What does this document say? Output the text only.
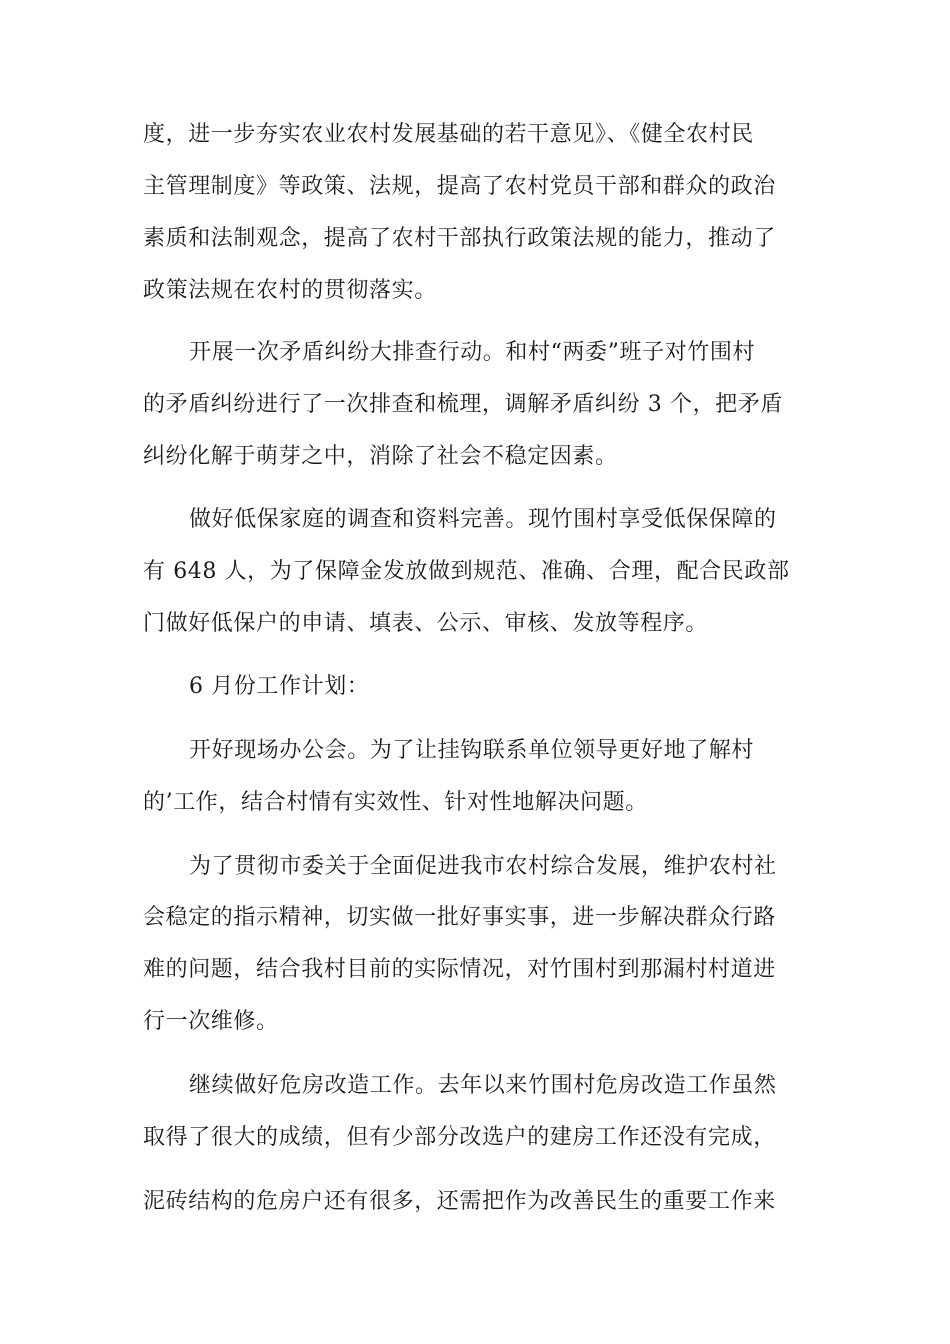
度，进一步夯实农业农村发展基础的若干意见》、《健全农村民
主管理制度》等政策、法规，提高了农村党员干部和群众的政治
素质和法制观念，提高了农村干部执行政策法规的能力，推动了
政策法规在农村的贯彻落实。
开展一次矛盾纠纷大排查行动。和村“两委”班子对竹围村
的矛盾纠纷进行了一次排查和梳理，调解矛盾纠纷 3 个，把矛盾
纠纷化解于萌芽之中，消除了社会不稳定因素。
做好低保家庭的调查和资料完善。现竹围村享受低保保障的
有 648 人，为了保障金发放做到规范、准确、合理，配合民政部
门做好低保户的申请、填表、公示、审核、发放等程序。
6 月份工作计划：
开好现场办公会。为了让挂钩联系单位领导更好地了解村
的’工作，结合村情有实效性、针对性地解决问题。
为了贯彻市委关于全面促进我市农村综合发展，维护农村社
会稳定的指示精神，切实做一批好事实事，进一步解决群众行路
难的问题，结合我村目前的实际情况，对竹围村到那漏村村道进
行一次维修。
继续做好危房改造工作。去年以来竹围村危房改造工作虽然
取得了很大的成绩，但有少部分改选户的建房工作还没有完成，
泥砖结构的危房户还有很多，还需把作为改善民生的重要工作来
